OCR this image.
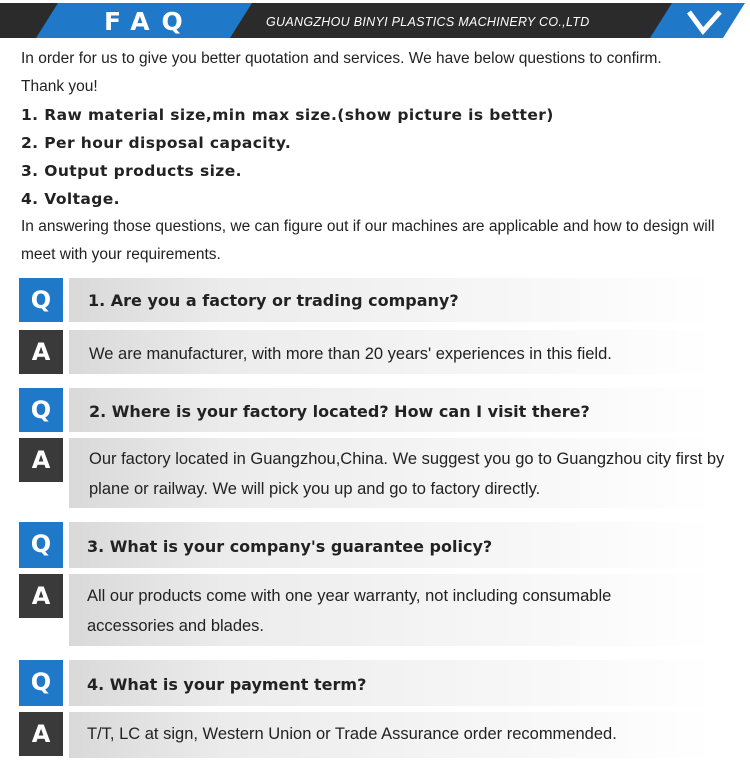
FAQ	GUANGZHOU BINYI PLASTICS MACHINERY CO.,LTD

In order for us to give you better quotation and services. We have below questions to confirm.

Thank you!

1. Raw material size,min max size.(show picture is better)

2. Per hour disposal capacity.

3. Output products size.

4. Voltage.

In answering those questions, we can figure out if our machines are applicable and how to design will meet with your requirements.

Q	1. Are you a factory or trading company?
A	We are manufacturer, with more than 20 years' experiences in this field.
Q	2. Where is your factory located? How can I visit there?
A	Our factory located in Guangzhou,China. We suggest you go to Guangzhou city first by plane or railway. We will pick you up and go to factory directly.
Q	3. What is your company's guarantee policy?
A	All our products come with one year warranty, not including consumable accessories and blades.
Q	4. What is your payment term?
A	T/T, LC at sign, Western Union or Trade Assurance order recommended.
